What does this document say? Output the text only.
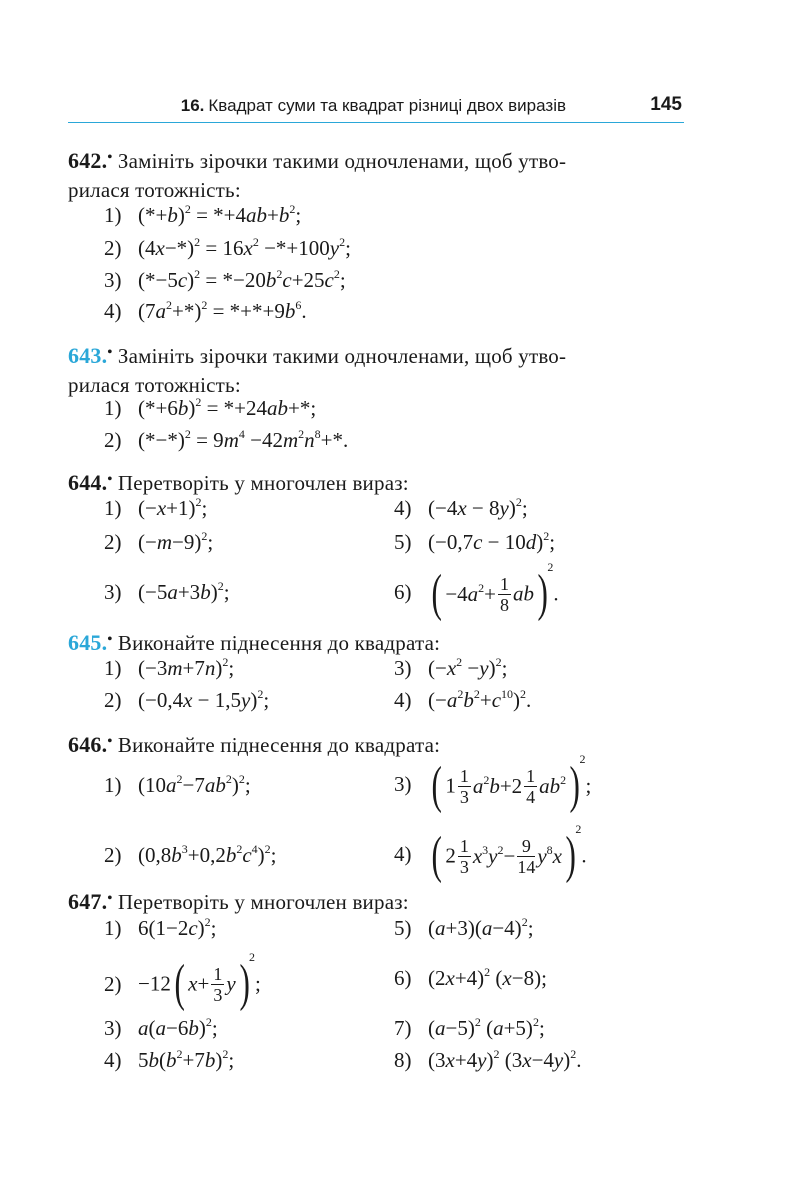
16. Квадрат суми та квадрат різниці двох виразів	145
642.• Замініть зірочки такими одночленами, щоб утво-
рилася тотожність:
1) $(*+b)^2 = *+4ab+b^2$;
2) $(4x-*)^2 = 16x^2 -*+100y^2$;
3) $(*-5c)^2 = *-20b^2c+25c^2$;
4) $(7a^2+*)^2 = *+*+9b^6$.
643.• Замініть зірочки такими одночленами, щоб утво-
рилася тотожність:
1) $(*+6b)^2 = *+24ab+*$;
2) $(*-*)^2 = 9m^4 -42m^2n^8+*$.
644.• Перетворіть у многочлен вираз:
1) $(-x+1)^2$;	4) $(-4x - 8y)^2$;
2) $(-m-9)^2$;	5) $(-0,7c - 10d)^2$;
3) $(-5a+3b)^2$;	6) ( $-4a^2+ \frac{1}{8} ab)^2$.
645.• Виконайте піднесення до квадрата:
1) $(-3m+7n)^2$;	3) $(-x^2 -y)^2$;
2) $(-0,4x - 1,5y)^2$;	4) $(-a^2b^2+c^{10})^2$.
646.• Виконайте піднесення до квадрата:
1) $(10a^2-7ab^2)^2$;	3) ( $1 \frac{1}{3} a^2b+2 \frac{1}{4} ab^2)^2$;
2) $(0,8b^3+0,2b^2c^4)^2$;	4) ( $2 \frac{1}{3} x^3y^2- \frac{9}{14} y^8x)^2$.
647.• Перетворіть у многочлен вираз:
1) $6(1-2c)^2$;	5) $(a+3)(a-4)^2$;
2) −12( $x+ \frac{1}{3} y)^2$;	6) $(2x+4)^2$ (x−8);
3) $a(a-6b)^2$;	7) $(a-5)^2$ $(a+5)^2$;
4) $5b(b^2+7b)^2$;	8) $(3x+4y)^2$ $(3x-4y)^2$.
